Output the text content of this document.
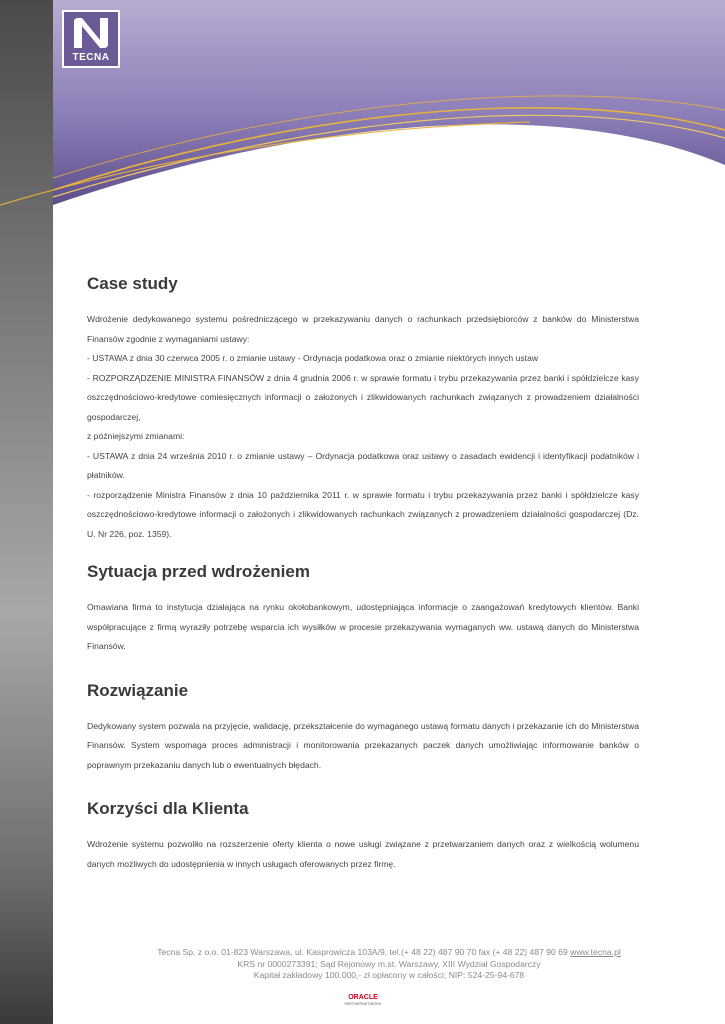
TECNA
Case study

Wdrożenie dedykowanego systemu pośredniczącego w przekazywaniu danych o rachunkach przedsiębiorców z banków do Ministerstwa Finansów zgodnie z wymaganiami ustawy:

- USTAWA z dnia 30 czerwca 2005 r. o zmianie ustawy - Ordynacja podatkowa oraz o zmianie niektórych innych ustaw

- ROZPORZĄDZENIE MINISTRA FINANSÓW z dnia 4 grudnia 2006 r. w sprawie formatu i trybu przekazywania przez banki i spółdzielcze kasy oszczędnościowo-kredytowe comiesięcznych informacji o założonych i zlikwidowanych rachunkach związanych z prowadzeniem działalności gospodarczej,

z późniejszymi zmianami:

- USTAWA z dnia 24 września 2010 r. o zmianie ustawy – Ordynacja podatkowa oraz ustawy o zasadach ewidencji i identyfikacji podatników i płatników.

- rozporządzenie Ministra Finansów z dnia 10 października 2011 r. w sprawie formatu i trybu przekazywania przez banki i spółdzielcze kasy oszczędnościowo-kredytowe informacji o założonych i zlikwidowanych rachunkach związanych z prowadzeniem działalności gospodarczej (Dz. U. Nr 226, poz. 1359).

Sytuacja przed wdrożeniem

Omawiana firma to instytucja działająca na rynku okołobankowym, udostępniająca informacje o zaangażowań kredytowych klientów. Banki współpracujące z firmą wyraziły potrzebę wsparcia ich wysiłków w procesie przekazywania wymaganych ww. ustawą danych do Ministerstwa Finansów.

Rozwiązanie

Dedykowany system pozwala na przyjęcie, walidację, przekształcenie do wymaganego ustawą formatu danych i przekazanie ich do Ministerstwa Finansów. System wspomaga proces administracji i monitorowania przekazanych paczek danych umożliwiając informowanie banków o poprawnym przekazaniu danych lub o ewentualnych błędach.

Korzyści dla Klienta

Wdrożenie systemu pozwoliło na rozszerzenie oferty klienta o nowe usługi związane z przetwarzaniem danych oraz z wielkością wolumenu danych możliwych do udostępnienia w innych usługach oferowanych przez firmę.

Tecna Sp. z o.o. 01-823 Warszawa, ul. Kasprowicza 103A/9, tel.(+ 48 22) 487 90 70 fax (+ 48 22) 487 90 69 www.tecna.pl
KRS nr 0000273391; Sąd Rejonowy m.st. Warszawy, XIII Wydział Gospodarczy
Kapitał zakładowy 100.000,- zł opłacony w całości; NIP: 524-25-94-678
ORACLE
PARTNERNETWORK
